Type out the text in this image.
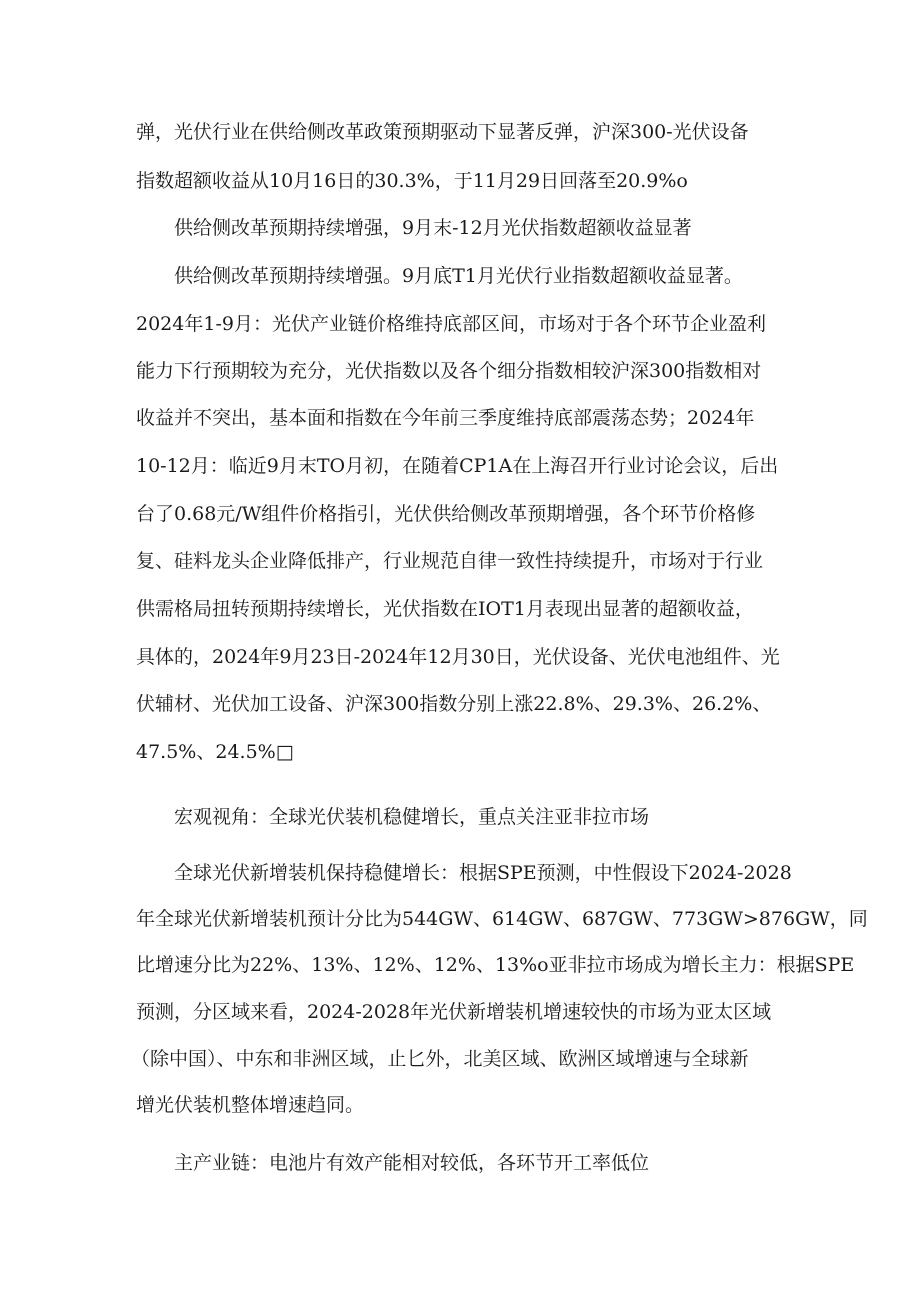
弹，光伏行业在供给侧改革政策预期驱动下显著反弹，沪深300-光伏设备
指数超额收益从10月16日的30.3%，于11月29日回落至20.9%o
供给侧改革预期持续增强，9月末-12月光伏指数超额收益显著
供给侧改革预期持续增强。9月底T1月光伏行业指数超额收益显著。
2024年1-9月：光伏产业链价格维持底部区间，市场对于各个环节企业盈利
能力下行预期较为充分，光伏指数以及各个细分指数相较沪深300指数相对
收益并不突出，基本面和指数在今年前三季度维持底部震荡态势；2024年
10-12月：临近9月末TO月初，在随着CP1A在上海召开行业讨论会议，后出
台了0.68元/W组件价格指引，光伏供给侧改革预期增强，各个环节价格修
复、硅料龙头企业降低排产，行业规范自律一致性持续提升，市场对于行业
供需格局扭转预期持续增长，光伏指数在IOT1月表现出显著的超额收益，
具体的，2024年9月23日-2024年12月30日，光伏设备、光伏电池组件、光
伏辅材、光伏加工设备、沪深300指数分别上涨22.8%、29.3%、26.2%、
47.5%、24.5%□
宏观视角：全球光伏装机稳健增长，重点关注亚非拉市场
全球光伏新增装机保持稳健增长：根据SPE预测，中性假设下2024-2028
年全球光伏新增装机预计分比为544GW、614GW、687GW、773GW>876GW，同
比增速分比为22%、13%、12%、12%、13%o亚非拉市场成为增长主力：根据SPE
预测，分区域来看，2024-2028年光伏新增装机增速较快的市场为亚太区域
（除中国）、中东和非洲区域，止匕外，北美区域、欧洲区域增速与全球新
增光伏装机整体增速趋同。
主产业链：电池片有效产能相对较低，各环节开工率低位
